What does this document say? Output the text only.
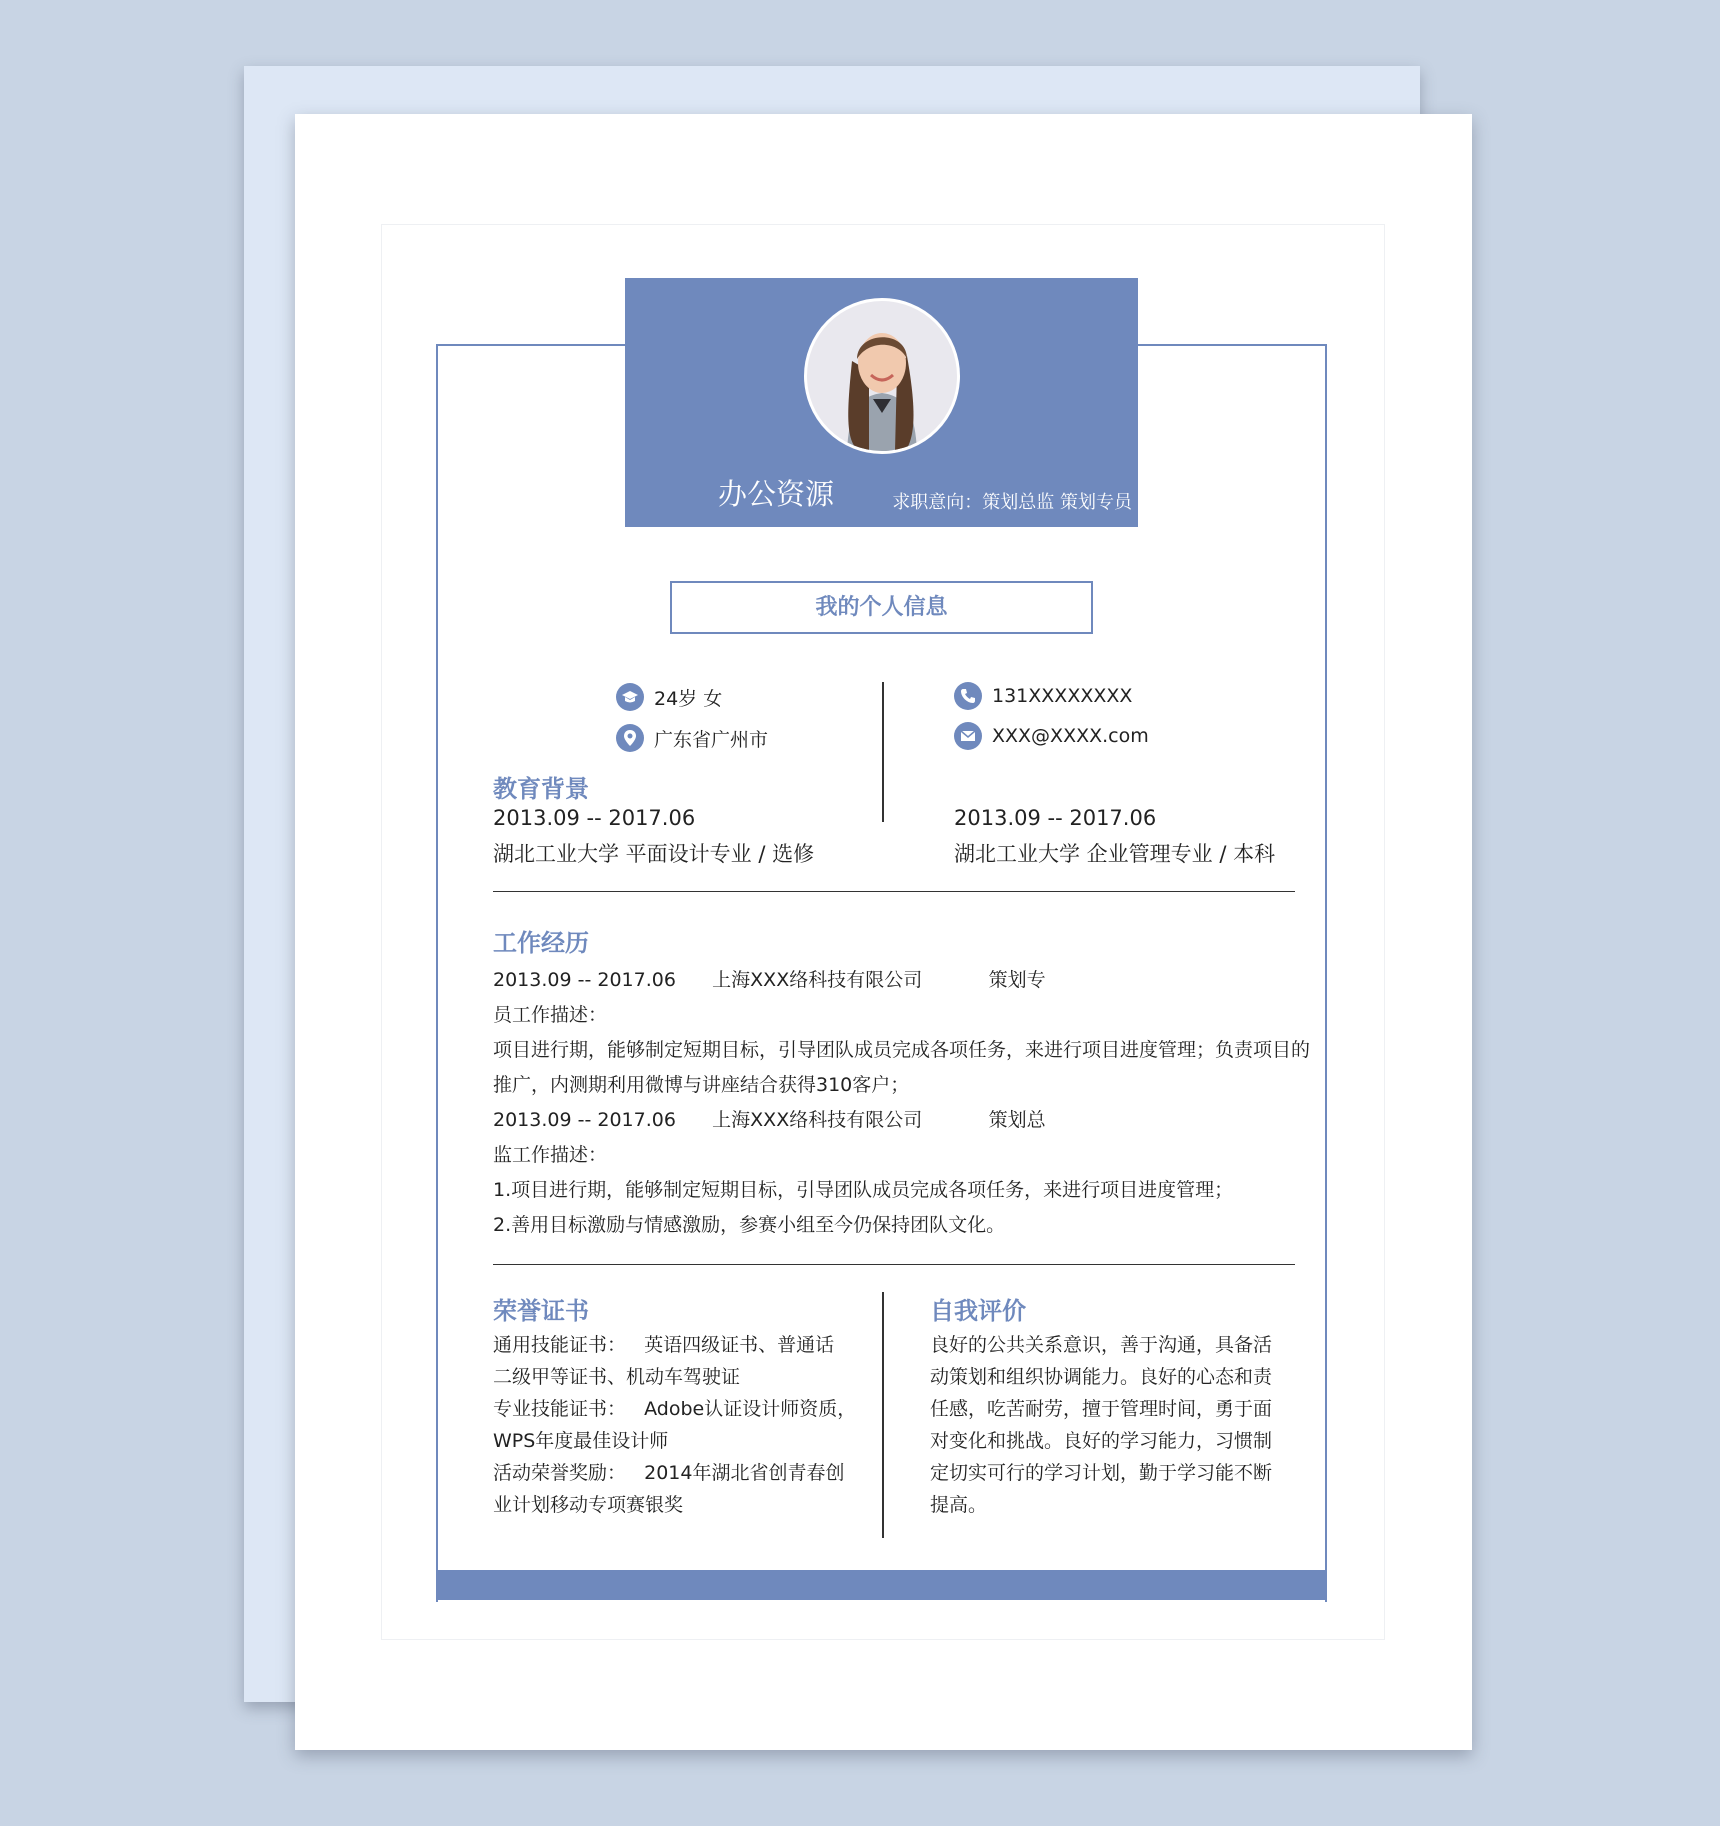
办公资源	求职意向：策划总监 策划专员
我的个人信息
24岁 女
广东省广州市
131XXXXXXXX
XXX@XXXX.com
教育背景
2013.09 -- 2017.06
湖北工业大学 平面设计专业 / 选修
2013.09 -- 2017.06
湖北工业大学 企业管理专业 / 本科
工作经历
2013.09 -- 2017.06      上海XXX络科技有限公司           策划专
员工作描述：
项目进行期，能够制定短期目标，引导团队成员完成各项任务，来进行项目进度管理；负责项目的
推广，内测期利用微博与讲座结合获得310客户；
2013.09 -- 2017.06      上海XXX络科技有限公司           策划总
监工作描述：
1.项目进行期，能够制定短期目标，引导团队成员完成各项任务，来进行项目进度管理；
2.善用目标激励与情感激励，参赛小组至今仍保持团队文化。
荣誉证书
通用技能证书：   英语四级证书、普通话
二级甲等证书、机动车驾驶证
专业技能证书：   Adobe认证设计师资质，
WPS年度最佳设计师
活动荣誉奖励：   2014年湖北省创青春创
业计划移动专项赛银奖
自我评价
良好的公共关系意识，善于沟通，具备活
动策划和组织协调能力。良好的心态和责
任感，吃苦耐劳，擅于管理时间，勇于面
对变化和挑战。良好的学习能力，习惯制
定切实可行的学习计划，勤于学习能不断
提高。
